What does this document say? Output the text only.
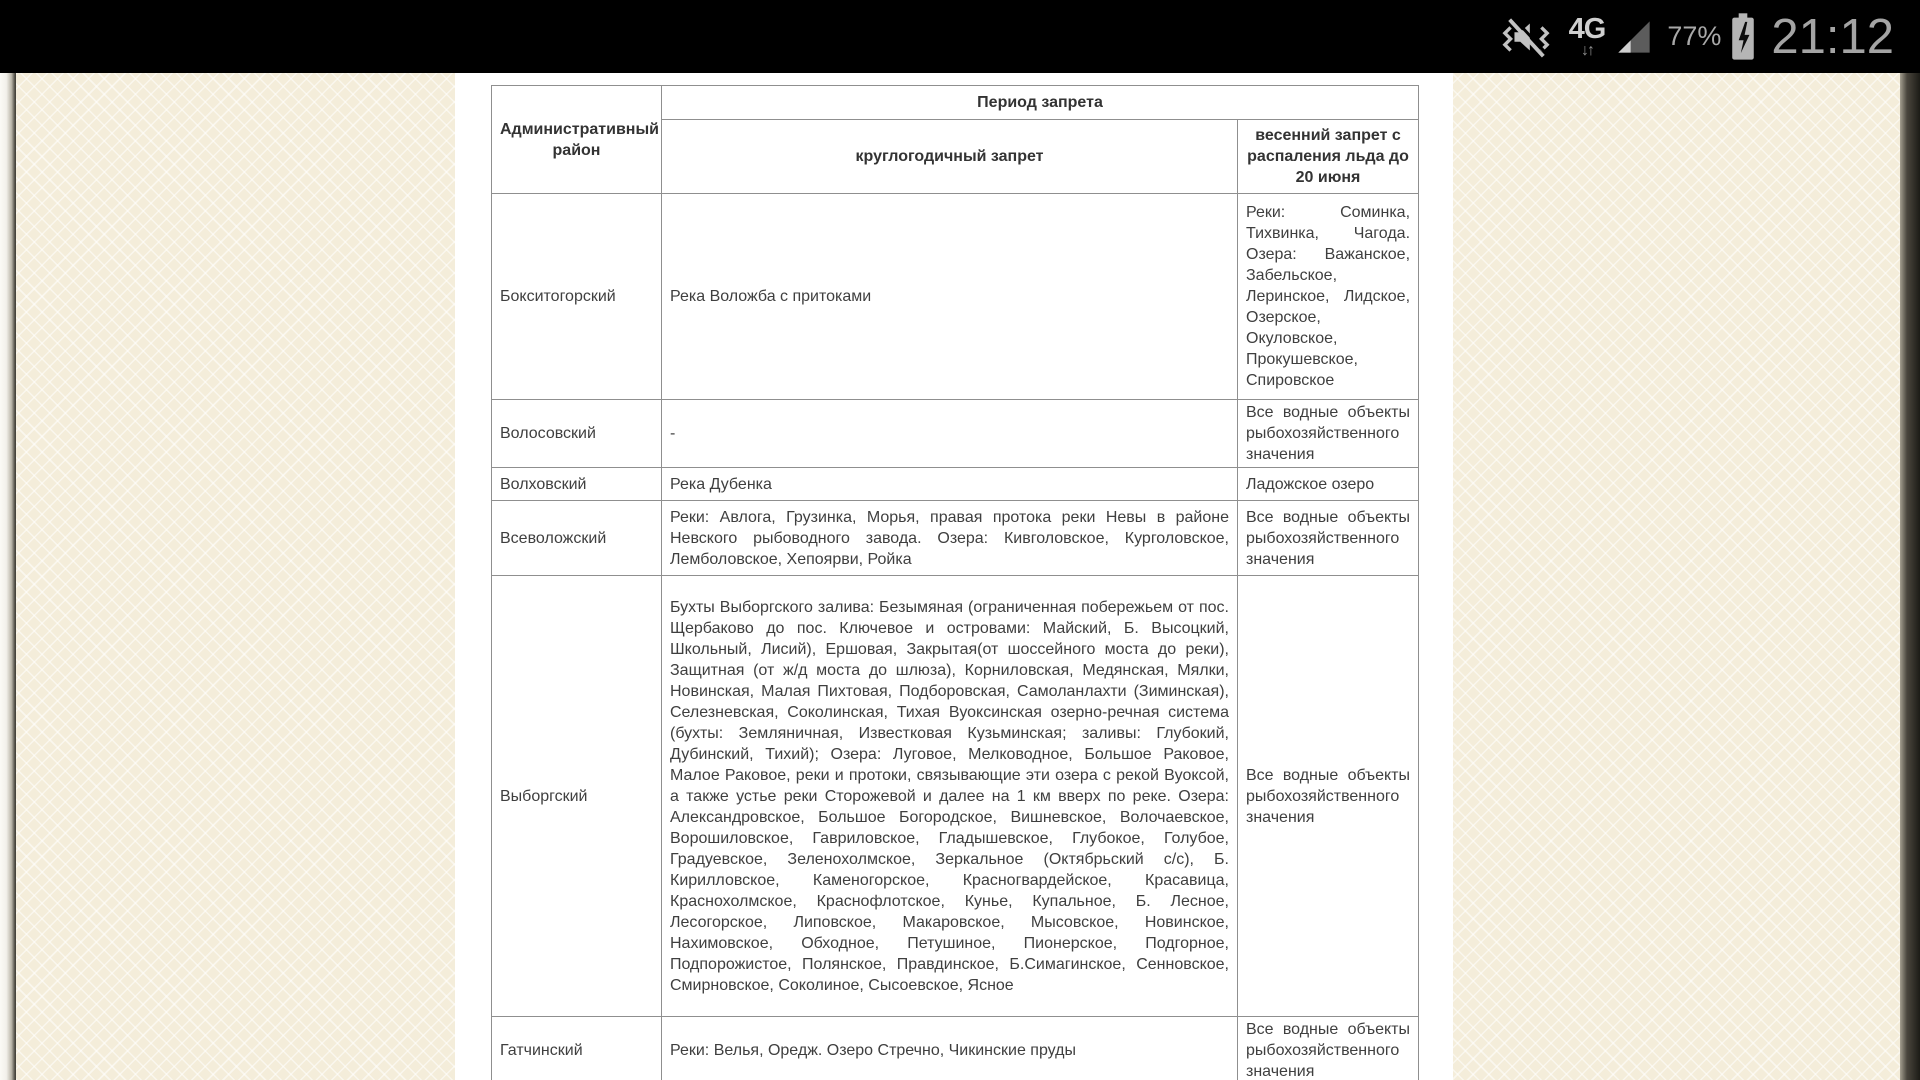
4G
↓↑	77% 21:12
Административный район	Период запрета	
	круглогодичный запрет	весенний запрет с распаления льда до 20 июня
Бокситогорский	Река Воложба с притоками	Реки: Соминка, Тихвинка, Чагода. Озера: Важанское, Забельское, Леринское, Лидское, Озерское, Окуловское, Прокушевское, Спировское
Волосовский	-	Все водные объекты рыбохозяйственного значения
Волховский	Река Дубенка	Ладожское озеро
Всеволожский	Реки: Авлога, Грузинка, Морья, правая протока реки Невы в районе Невского рыбоводного завода. Озера: Кивголовское, Курголовское, Лемболовское, Хепоярви, Ройка	Все водные объекты рыбохозяйственного значения
Выборгский	Бухты Выборгского залива: Безымяная (ограниченная побережьем от пос. Щербаково до пос. Ключевое и островами: Майский, Б. Высоцкий, Школьный, Лисий), Ершовая, Закрытая(от шоссейного моста до реки), Защитная (от ж/д моста до шлюза), Корниловская, Медянская, Мялки, Новинская, Малая Пихтовая, Подборовская, Самоланлахти (Зиминская), Селезневская, Соколинская, Тихая Вуоксинская озерно-речная система (бухты: Земляничная, Известковая Кузьминская; заливы: Глубокий, Дубинский, Тихий); Озера: Луговое, Мелководное, Большое Раковое, Малое Раковое, реки и протоки, связывающие эти озера с рекой Вуоксой, а также устье реки Сторожевой и далее на 1 км вверх по реке. Озера: Александровское, Большое Богородское, Вишневское, Волочаевское, Ворошиловское, Гавриловское, Гладышевское, Глубокое, Голубое, Градуевское, Зеленохолмское, Зеркальное (Октябрьский с/с), Б. Кирилловское, Каменогорское, Красногвардейское, Красавица, Краснохолмское, Краснофлотское, Кунье, Купальное, Б. Лесное, Лесогорское, Липовское, Макаровское, Мысовское, Новинское, Нахимовское, Обходное, Петушиное, Пионерское, Подгорное, Подпорожистое, Полянское, Правдинское, Б.Симагинское, Сенновское, Смирновское, Соколиное, Сысоевское, Ясное	Все водные объекты рыбохозяйственного значения
Гатчинский	Реки: Велья, Оредж. Озеро Стречно, Чикинские пруды	Все водные объекты рыбохозяйственного значения
